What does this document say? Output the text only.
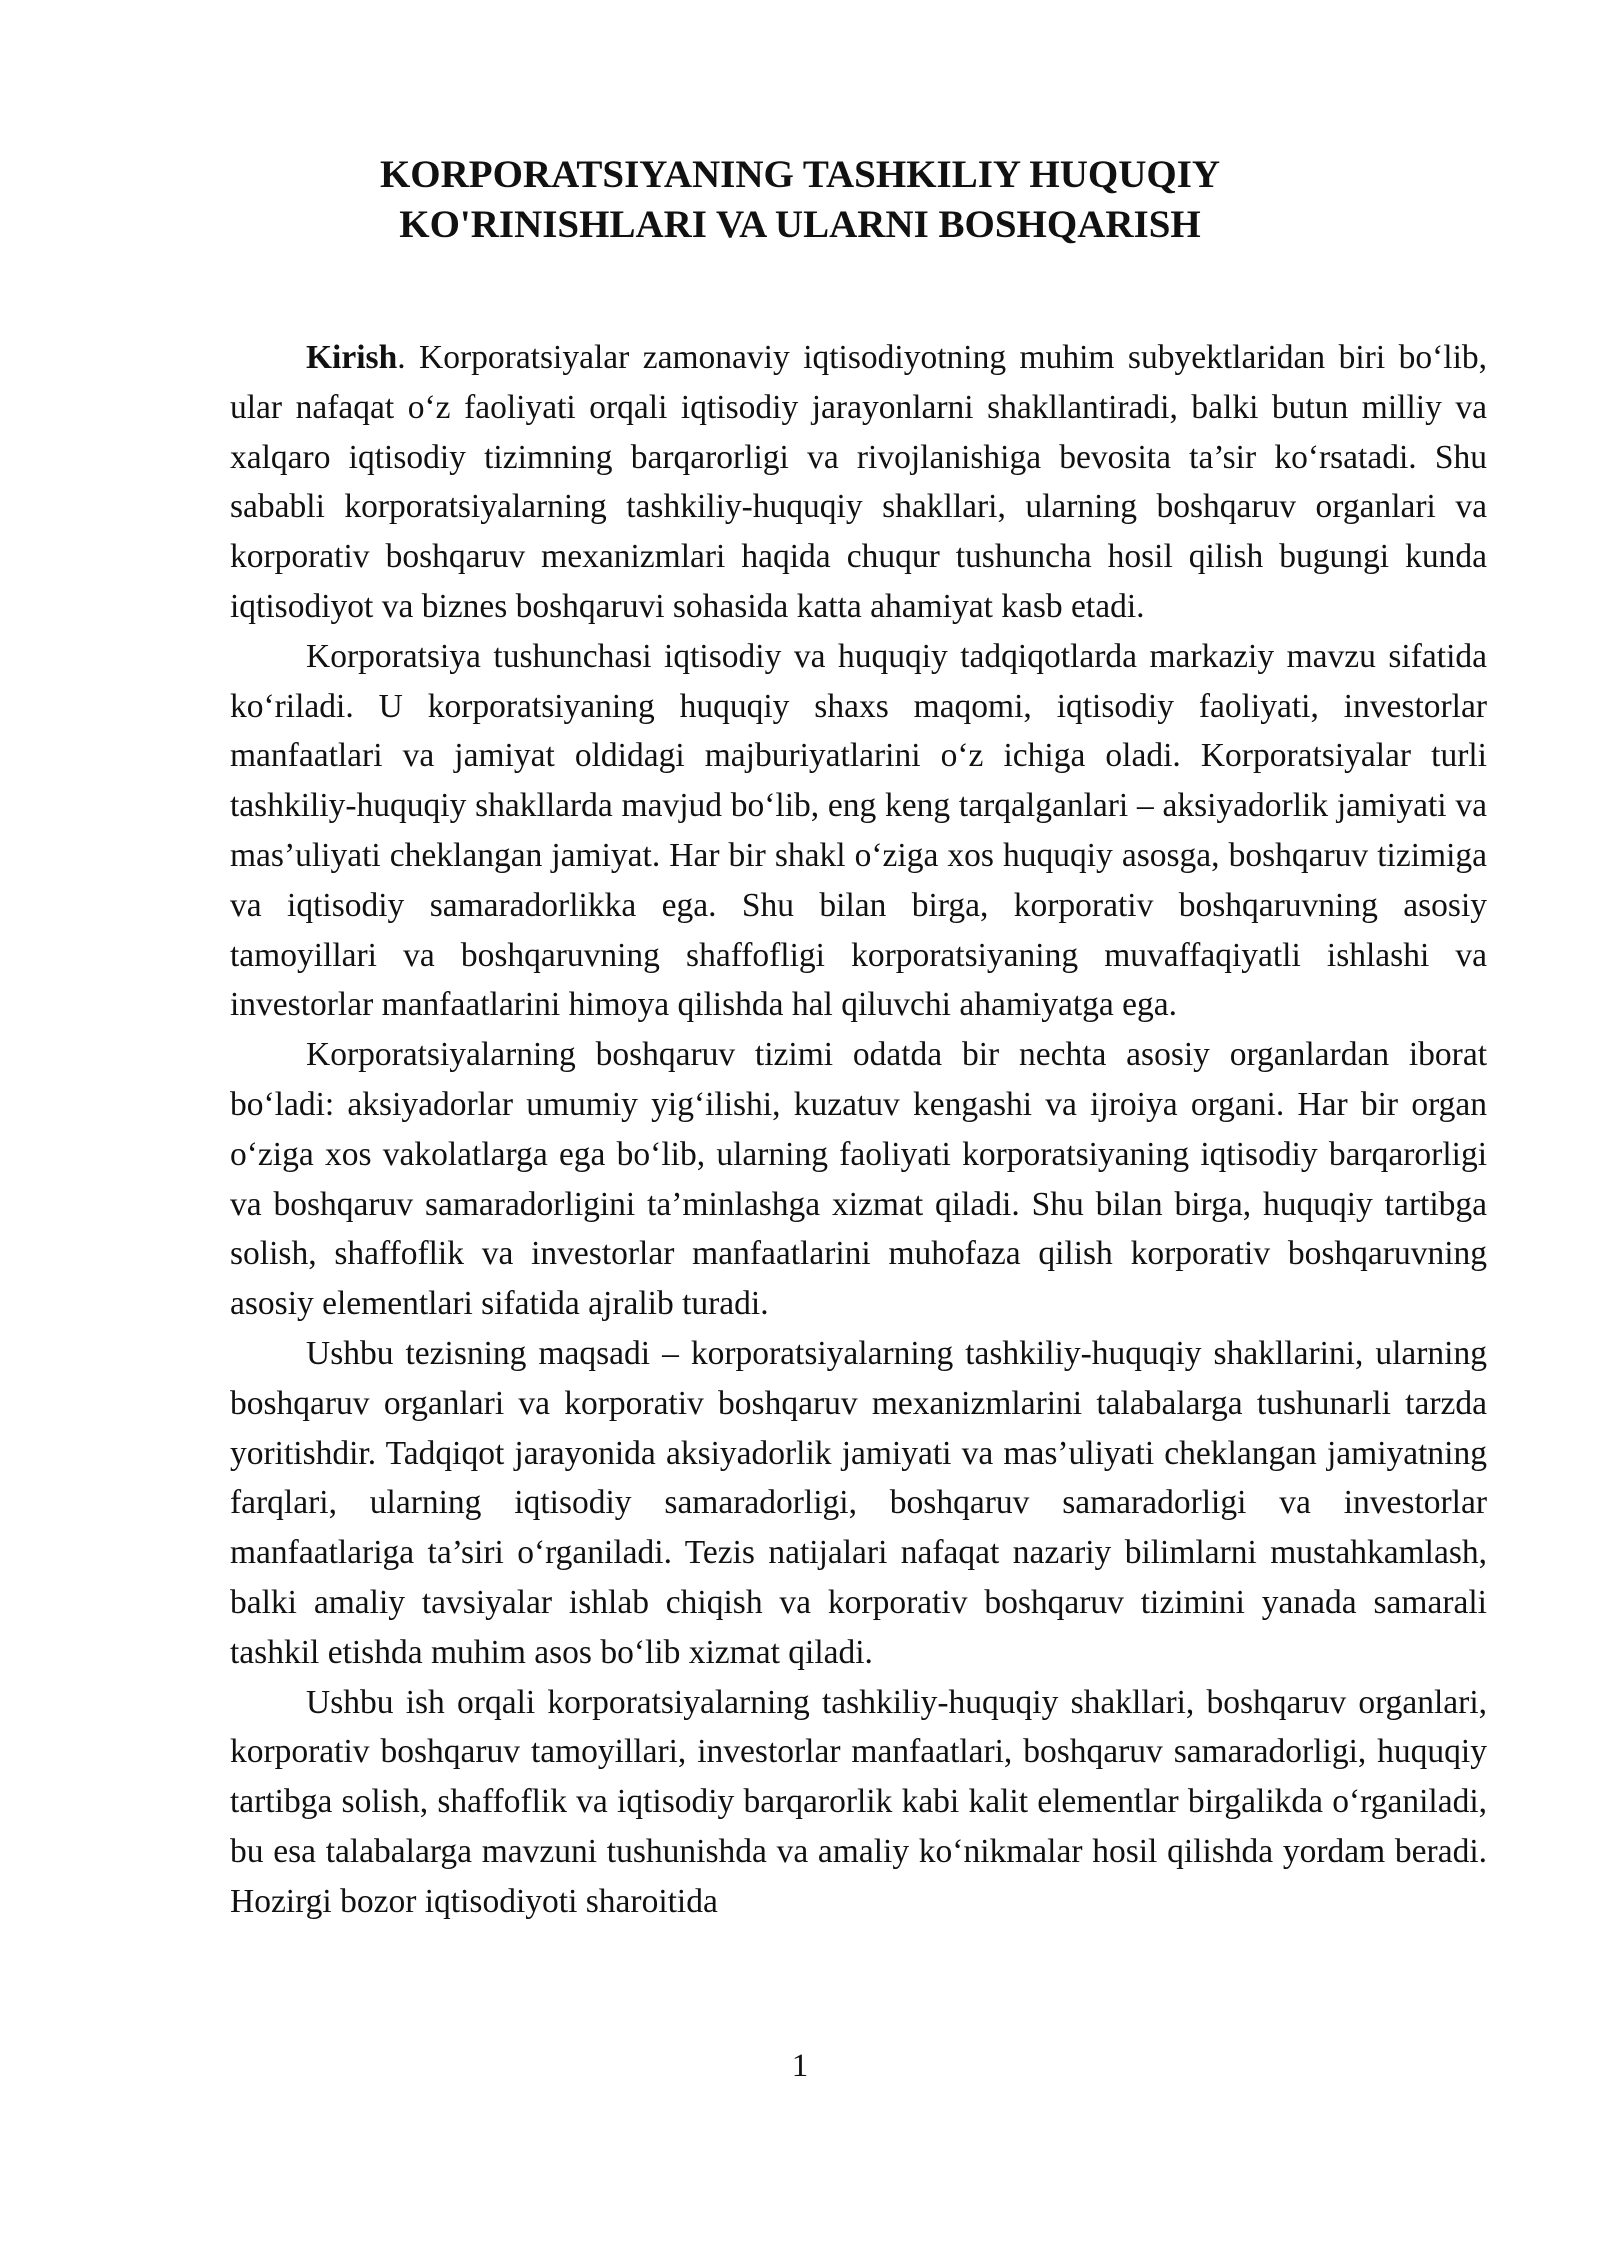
KORPORATSIYANING TASHKILIY HUQUQIY
KO'RINISHLARI VA ULARNI BOSHQARISH

Kirish. Korporatsiyalar zamonaviy iqtisodiyotning muhim subyektlaridan biri bo‘lib, ular nafaqat o‘z faoliyati orqali iqtisodiy jarayonlarni shakllantiradi, balki butun milliy va xalqaro iqtisodiy tizimning barqarorligi va rivojlanishiga bevosita ta’sir ko‘rsatadi. Shu sababli korporatsiyalarning tashkiliy-huquqiy shakllari, ularning boshqaruv organlari va korporativ boshqaruv mexanizmlari haqida chuqur tushuncha hosil qilish bugungi kunda iqtisodiyot va biznes boshqaruvi sohasida katta ahamiyat kasb etadi.

Korporatsiya tushunchasi iqtisodiy va huquqiy tadqiqotlarda markaziy mavzu sifatida ko‘riladi. U korporatsiyaning huquqiy shaxs maqomi, iqtisodiy faoliyati, investorlar manfaatlari va jamiyat oldidagi majburiyatlarini o‘z ichiga oladi. Korporatsiyalar turli tashkiliy-huquqiy shakllarda mavjud bo‘lib, eng keng tarqalganlari – aksiyadorlik jamiyati va mas’uliyati cheklangan jamiyat. Har bir shakl o‘ziga xos huquqiy asosga, boshqaruv tizimiga va iqtisodiy samaradorlikka ega. Shu bilan birga, korporativ boshqaruvning asosiy tamoyillari va boshqaruvning shaffofligi korporatsiyaning muvaffaqiyatli ishlashi va investorlar manfaatlarini himoya qilishda hal qiluvchi ahamiyatga ega.

Korporatsiyalarning boshqaruv tizimi odatda bir nechta asosiy organlardan iborat bo‘ladi: aksiyadorlar umumiy yig‘ilishi, kuzatuv kengashi va ijroiya organi. Har bir organ o‘ziga xos vakolatlarga ega bo‘lib, ularning faoliyati korporatsiyaning iqtisodiy barqarorligi va boshqaruv samaradorligini ta’minlashga xizmat qiladi. Shu bilan birga, huquqiy tartibga solish, shaffoflik va investorlar manfaatlarini muhofaza qilish korporativ boshqaruvning asosiy elementlari sifatida ajralib turadi.

Ushbu tezisning maqsadi – korporatsiyalarning tashkiliy-huquqiy shakllarini, ularning boshqaruv organlari va korporativ boshqaruv mexanizmlarini talabalarga tushunarli tarzda yoritishdir. Tadqiqot jarayonida aksiyadorlik jamiyati va mas’uliyati cheklangan jamiyatning farqlari, ularning iqtisodiy samaradorligi, boshqaruv samaradorligi va investorlar manfaatlariga ta’siri o‘rganiladi. Tezis natijalari nafaqat nazariy bilimlarni mustahkamlash, balki amaliy tavsiyalar ishlab chiqish va korporativ boshqaruv tizimini yanada samarali tashkil etishda muhim asos bo‘lib xizmat qiladi.

Ushbu ish orqali korporatsiyalarning tashkiliy-huquqiy shakllari, boshqaruv organlari, korporativ boshqaruv tamoyillari, investorlar manfaatlari, boshqaruv samaradorligi, huquqiy tartibga solish, shaffoflik va iqtisodiy barqarorlik kabi kalit elementlar birgalikda o‘rganiladi, bu esa talabalarga mavzuni tushunishda va amaliy ko‘nikmalar hosil qilishda yordam beradi. Hozirgi bozor iqtisodiyoti sharoitida

1
